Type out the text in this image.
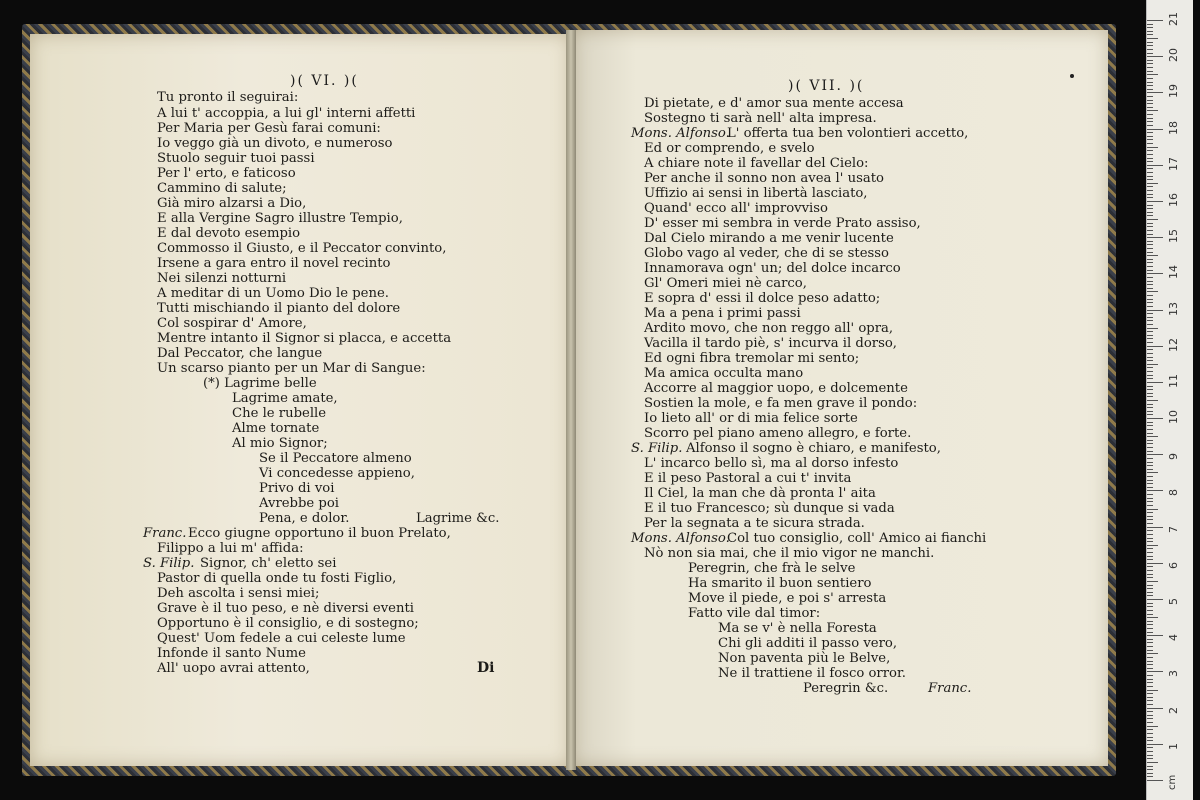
)( VI. )(	)( VII. )(
Tu pronto il seguirai:
A lui t' accoppia, a lui gl' interni affetti
Per Maria per Gesù farai comuni:
Io veggo già un divoto, e numeroso
Stuolo seguir tuoi passi
Per l' erto, e faticoso
Cammino di salute;
Già miro alzarsi a Dio,
E alla Vergine Sagro illustre Tempio,
E dal devoto esempio
Commosso il Giusto, e il Peccator convinto,
Irsene a gara entro il novel recinto
Nei silenzi notturni
A meditar di un Uomo Dio le pene.
Tutti mischiando il pianto del dolore
Col sospirar d' Amore,
Mentre intanto il Signor si placca, e accetta
Dal Peccator, che langue
Un scarso pianto per un Mar di Sangue:
(*) Lagrime belle
Lagrime amate,
Che le rubelle
Alme tornate
Al mio Signor;
Se il Peccatore almeno
Vi concedesse appieno,
Privo di voi
Avrebbe poi
Pena, e dolor.	Lagrime &c.
Franc. Ecco giugne opportuno il buon Prelato,
Filippo a lui m' affida:
S. Filip. Signor, ch' eletto sei
Pastor di quella onde tu fosti Figlio,
Deh ascolta i sensi miei;
Grave è il tuo peso, e nè diversi eventi
Opportuno è il consiglio, e di sostegno;
Quest' Uom fedele a cui celeste lume
Infonde il santo Nume
All' uopo avrai attento,
Di pietate, e d' amor sua mente accesa
Sostegno ti sarà nell' alta impresa.
Mons. Alfonso.
L' offerta tua ben volontieri accetto,
Ed or comprendo, e svelo
A chiare note il favellar del Cielo:
Per anche il sonno non avea l' usato
Uffizio ai sensi in libertà lasciato,
Quand' ecco all' improvviso
D' esser mi sembra in verde Prato assiso,
Dal Cielo mirando a me venir lucente
Globo vago al veder, che di se stesso
Innamorava ogn' un; del dolce incarco
Gl' Omeri miei nè carco,
E sopra d' essi il dolce peso adatto;
Ma a pena i primi passi
Ardito movo, che non reggo all' opra,
Vacilla il tardo piè, s' incurva il dorso,
Ed ogni fibra tremolar mi sento;
Ma amica occulta mano
Accorre al maggior uopo, e dolcemente
Sostien la mole, e fa men grave il pondo:
Io lieto all' or di mia felice sorte
Scorro pel piano ameno allegro, e forte.
S. Filip. Alfonso il sogno è chiaro, e manifesto,
L' incarco bello sì, ma al dorso infesto
E il peso Pastoral a cui t' invita
Il Ciel, la man che dà pronta l' aita
E il tuo Francesco; sù dunque si vada
Per la segnata a te sicura strada.
Mons. Alfonso.
Col tuo consiglio, coll' Amico ai fianchi
Nò non sia mai, che il mio vigor ne manchi.
Peregrin, che frà le selve
Ha smarito il buon sentiero
Move il piede, e poi s' arresta
Fatto vile dal timor:
Ma se v' è nella Foresta
Chi gli additi il passo vero,
Non paventa più le Belve,
Ne il trattiene il fosco orror.
Peregrin &c.	Franc.
Di
cm
21
20
19
18
17
16
15
14
13
12
11
10
9
8
7
6
5
4
3
2
1
